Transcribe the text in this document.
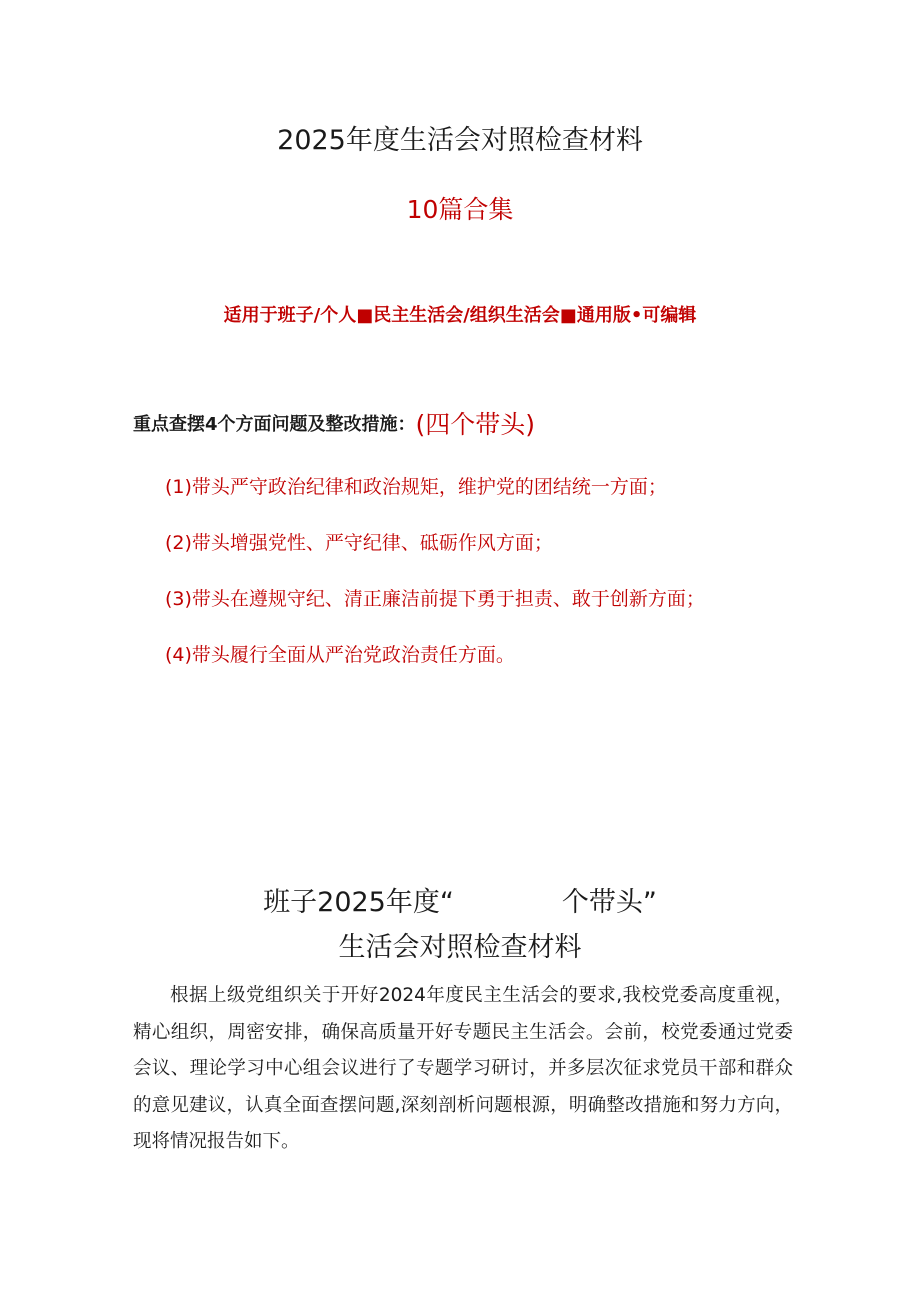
2025年度生活会对照检查材料
10篇合集
适用于班子/个人■民主生活会/组织生活会■通用版•可编辑
重点查摆4个方面问题及整改措施：(四个带头)
(1)带头严守政治纪律和政治规矩，维护党的团结统一方面；
(2)带头增强党性、严守纪律、砥砺作风方面；
(3)带头在遵规守纪、清正廉洁前提下勇于担责、敢于创新方面；
(4)带头履行全面从严治党政治责任方面。
班子2025年度“　　　　个带头”
生活会对照检查材料
根据上级党组织关于开好2024年度民主生活会的要求,我校党委高度重视，精心组织，周密安排，确保高质量开好专题民主生活会。会前，校党委通过党委会议、理论学习中心组会议进行了专题学习研讨，并多层次征求党员干部和群众的意见建议，认真全面查摆问题,深刻剖析问题根源，明确整改措施和努力方向，现将情况报告如下。
